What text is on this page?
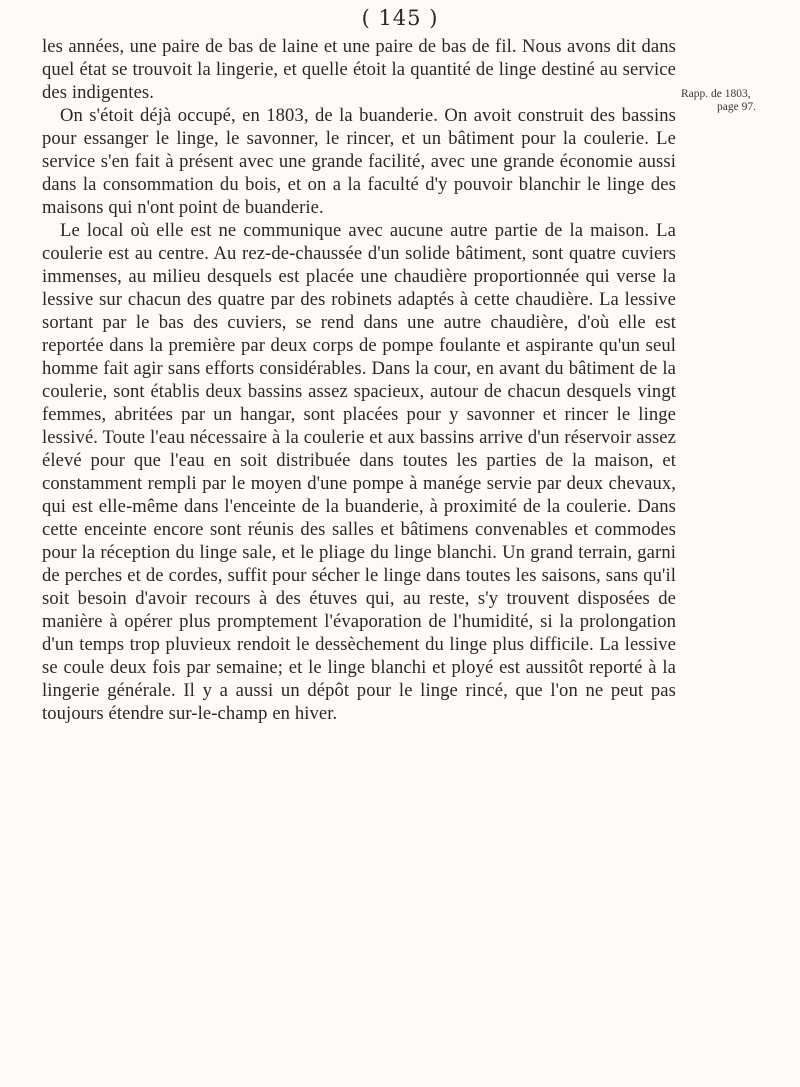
( 145 )

les années, une paire de bas de laine et une paire de bas de fil. Nous avons dit dans quel état se trouvoit la lingerie, et quelle étoit la quantité de linge destiné au service des indigentes.

On s'étoit déjà occupé, en 1803, de la buanderie. On avoit construit des bassins pour essanger le linge, le savonner, le rincer, et un bâtiment pour la coulerie. Le service s'en fait à présent avec une grande facilité, avec une grande économie aussi dans la consommation du bois, et on a la faculté d'y pouvoir blanchir le linge des maisons qui n'ont point de buanderie.

Le local où elle est ne communique avec aucune autre partie de la maison. La coulerie est au centre. Au rez-de-chaussée d'un solide bâtiment, sont quatre cuviers immenses, au milieu desquels est placée une chaudière proportionnée qui verse la lessive sur chacun des quatre par des robinets adaptés à cette chaudière. La lessive sortant par le bas des cuviers, se rend dans une autre chaudière, d'où elle est reportée dans la première par deux corps de pompe foulante et aspirante qu'un seul homme fait agir sans efforts considérables. Dans la cour, en avant du bâtiment de la coulerie, sont établis deux bassins assez spacieux, autour de chacun desquels vingt femmes, abritées par un hangar, sont placées pour y savonner et rincer le linge lessivé. Toute l'eau nécessaire à la coulerie et aux bassins arrive d'un réservoir assez élevé pour que l'eau en soit distribuée dans toutes les parties de la maison, et constamment rempli par le moyen d'une pompe à manége servie par deux chevaux, qui est elle-même dans l'enceinte de la buanderie, à proximité de la coulerie. Dans cette enceinte encore sont réunis des salles et bâtimens convenables et commodes pour la réception du linge sale, et le pliage du linge blanchi. Un grand terrain, garni de perches et de cordes, suffit pour sécher le linge dans toutes les saisons, sans qu'il soit besoin d'avoir recours à des étuves qui, au reste, s'y trouvent disposées de manière à opérer plus promptement l'évaporation de l'humidité, si la prolongation d'un temps trop pluvieux rendoit le dessèchement du linge plus difficile. La lessive se coule deux fois par semaine; et le linge blanchi et ployé est aussitôt reporté à la lingerie générale. Il y a aussi un dépôt pour le linge rincé, que l'on ne peut pas toujours étendre sur-le-champ en hiver.

Rapp. de 1803,
page 97.
